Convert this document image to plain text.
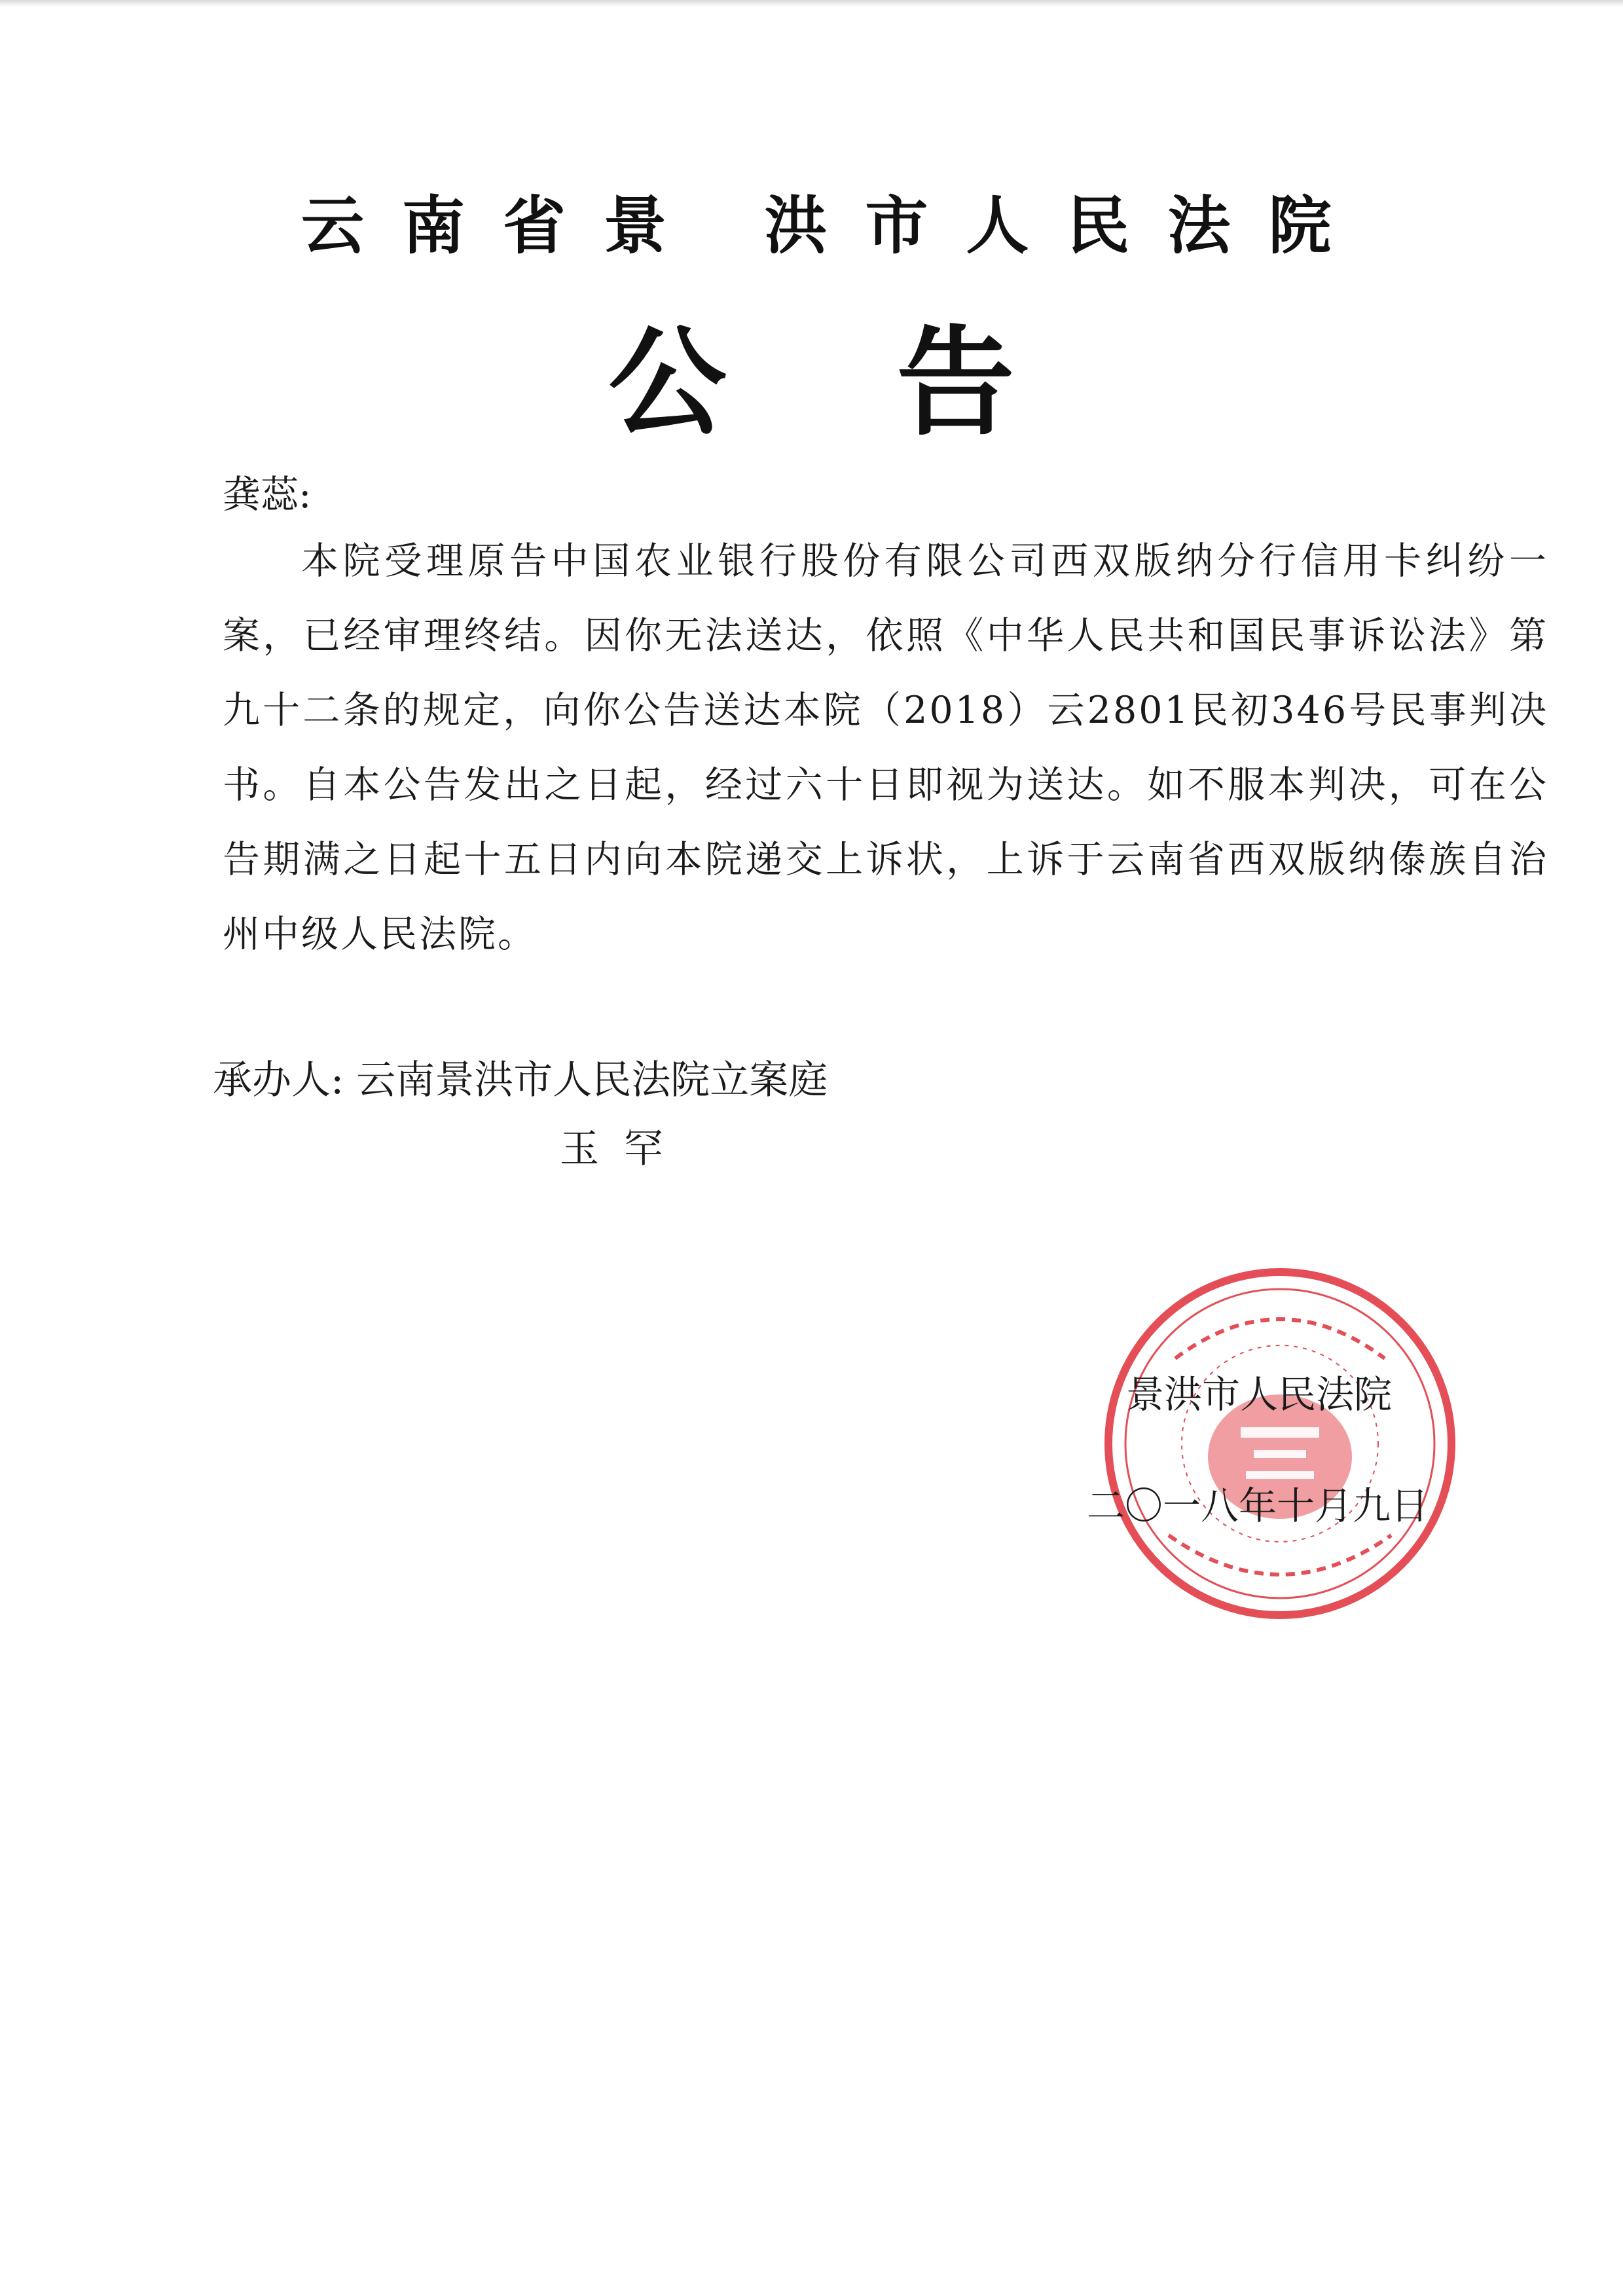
云南省景 洪市人民法院
公告
龚蕊:
本院受理原告中国农业银行股份有限公司西双版纳分行信用卡纠纷一案，已经审理终结。因你无法送达，依照《中华人民共和国民事诉讼法》第九十二条的规定，向你公告送达本院（2018）云2801民初346号民事判决书。自本公告发出之日起，经过六十日即视为送达。如不服本判决，可在公告期满之日起十五日内向本院递交上诉状，上诉于云南省西双版纳傣族自治州中级人民法院。
承办人: 云南景洪市人民法院立案庭
玉罕
景洪市人民法院
二〇一八年十月九日
